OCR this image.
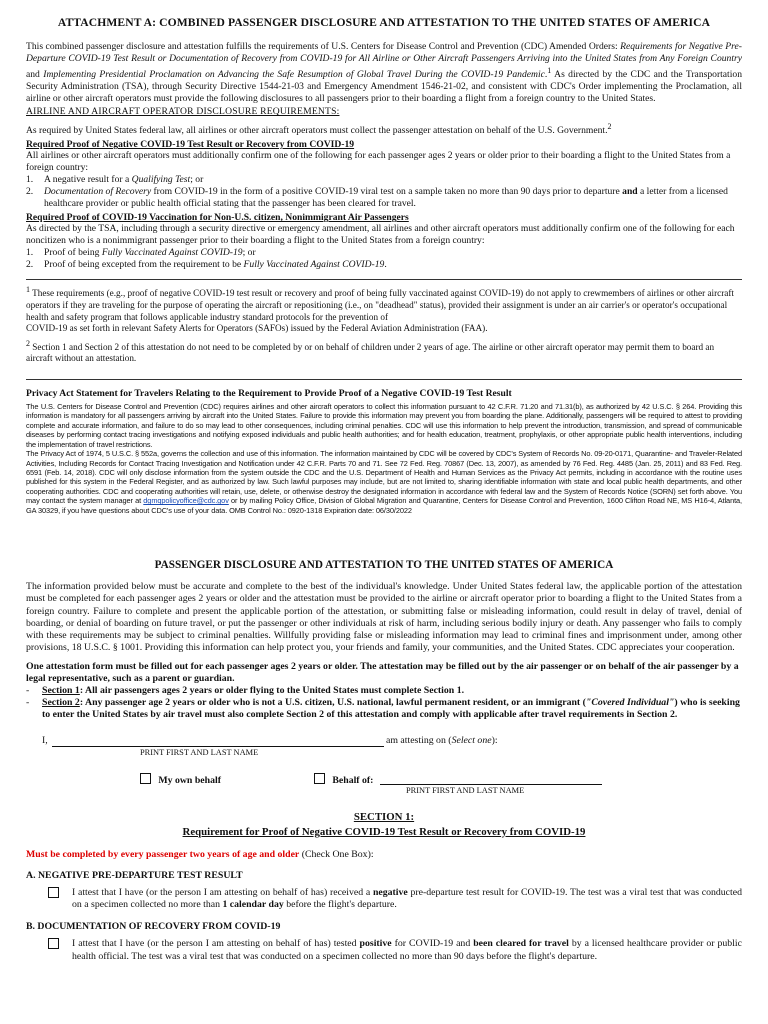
ATTACHMENT A: COMBINED PASSENGER DISCLOSURE AND ATTESTATION TO THE UNITED STATES OF AMERICA

This combined passenger disclosure and attestation fulfills the requirements of U.S. Centers for Disease Control and Prevention (CDC) Amended Orders: Requirements for Negative Pre-Departure COVID-19 Test Result or Documentation of Recovery from COVID-19 for All Airline or Other Aircraft Passengers Arriving into the United States from Any Foreign Country and Implementing Presidential Proclamation on Advancing the Safe Resumption of Global Travel During the COVID-19 Pandemic.$^1$ As directed by the CDC and the Transportation Security Administration (TSA), through Security Directive 1544-21-03 and Emergency Amendment 1546-21-02, and consistent with CDC's Order implementing the Proclamation, all airline or other aircraft operators must provide the following disclosures to all passengers prior to their boarding a flight from a foreign country to the United States.

AIRLINE AND AIRCRAFT OPERATOR DISCLOSURE REQUIREMENTS:

As required by United States federal law, all airlines or other aircraft operators must collect the passenger attestation on behalf of the U.S. Government.$^2$

Required Proof of Negative COVID-19 Test Result or Recovery from COVID-19

All airlines or other aircraft operators must additionally confirm one of the following for each passenger ages 2 years or older prior to their boarding a flight to the United States from a foreign country:

1.	A negative result for a Qualifying Test; or
2.	Documentation of Recovery from COVID-19 in the form of a positive COVID-19 viral test on a sample taken no more than 90 days prior to departure and a letter from a licensed healthcare provider or public health official stating that the passenger has been cleared for travel.
Required Proof of COVID-19 Vaccination for Non-U.S. citizen, Nonimmigrant Air Passengers

As directed by the TSA, including through a security directive or emergency amendment, all airlines and other aircraft operators must additionally confirm one of the following for each noncitizen who is a nonimmigrant passenger prior to their boarding a flight to the United States from a foreign country:

1.	Proof of being Fully Vaccinated Against COVID-19; or
2.	Proof of being excepted from the requirement to be Fully Vaccinated Against COVID-19.

$^1$ These requirements (e.g., proof of negative COVID-19 test result or recovery and proof of being fully vaccinated against COVID-19) do not apply to crewmembers of airlines or other aircraft operators if they are traveling for the purpose of operating the aircraft or repositioning (i.e., on "deadhead" status), provided their assignment is under an air carrier's or operator's occupational health and safety program that follows applicable industry standard protocols for the prevention of
COVID-19 as set forth in relevant Safety Alerts for Operators (SAFOs) issued by the Federal Aviation Administration (FAA).

$^2$ Section 1 and Section 2 of this attestation do not need to be completed by or on behalf of children under 2 years of age. The airline or other aircraft operator may permit them to board an aircraft without an attestation.

Privacy Act Statement for Travelers Relating to the Requirement to Provide Proof of a Negative COVID-19 Test Result

The U.S. Centers for Disease Control and Prevention (CDC) requires airlines and other aircraft operators to collect this information pursuant to 42 C.F.R. 71.20 and 71.31(b), as authorized by 42 U.S.C. § 264. Providing this information is mandatory for all passengers arriving by aircraft into the United States. Failure to provide this information may prevent you from boarding the plane. Additionally, passengers will be required to attest to providing complete and accurate information, and failure to do so may lead to other consequences, including criminal penalties. CDC will use this information to help prevent the introduction, transmission, and spread of communicable diseases by performing contact tracing investigations and notifying exposed individuals and public health authorities; and for health education, treatment, prophylaxis, or other appropriate public health interventions, including the implementation of travel restrictions.

The Privacy Act of 1974, 5 U.S.C. § 552a, governs the collection and use of this information. The information maintained by CDC will be covered by CDC's System of Records No. 09-20-0171, Quarantine- and Traveler-Related Activities, Including Records for Contact Tracing Investigation and Notification under 42 C.F.R. Parts 70 and 71. See 72 Fed. Reg. 70867 (Dec. 13, 2007), as amended by 76 Fed. Reg. 4485 (Jan. 25, 2011) and 83 Fed. Reg. 6591 (Feb. 14, 2018). CDC will only disclose information from the system outside the CDC and the U.S. Department of Health and Human Services as the Privacy Act permits, including in accordance with the routine uses published for this system in the Federal Register, and as authorized by law. Such lawful purposes may include, but are not limited to, sharing identifiable information with state and local public health departments, and other cooperating authorities. CDC and cooperating authorities will retain, use, delete, or otherwise destroy the designated information in accordance with federal law and the System of Records Notice (SORN) set forth above. You may contact the system manager at dgmqpolicyoffice@cdc.gov or by mailing Policy Office, Division of Global Migration and Quarantine, Centers for Disease Control and Prevention, 1600 Clifton Road NE, MS H16-4, Atlanta, GA 30329, if you have questions about CDC's use of your data. OMB Control No.: 0920-1318 Expiration date: 06/30/2022

PASSENGER DISCLOSURE AND ATTESTATION TO THE UNITED STATES OF AMERICA

The information provided below must be accurate and complete to the best of the individual's knowledge. Under United States federal law, the applicable portion of the attestation must be completed for each passenger ages 2 years or older and the attestation must be provided to the airline or aircraft operator prior to boarding a flight to the United States from a foreign country. Failure to complete and present the applicable portion of the attestation, or submitting false or misleading information, could result in delay of travel, denial of boarding, or denial of boarding on future travel, or put the passenger or other individuals at risk of harm, including serious bodily injury or death. Any passenger who fails to comply with these requirements may be subject to criminal penalties. Willfully providing false or misleading information may lead to criminal fines and imprisonment under, among other provisions, 18 U.S.C. § 1001. Providing this information can help protect you, your friends and family, your communities, and the United States. CDC appreciates your cooperation.

One attestation form must be filled out for each passenger ages 2 years or older. The attestation may be filled out by the air passenger or on behalf of the air passenger by a legal representative, such as a parent or guardian.

-	Section 1: All air passengers ages 2 years or older flying to the United States must complete Section 1.
-	Section 2: Any passenger age 2 years or older who is not a U.S. citizen, U.S. national, lawful permanent resident, or an immigrant ("Covered Individual") who is seeking to enter the United States by air travel must also complete Section 2 of this attestation and comply with applicable after travel requirements in Section 2.
I,	am attesting on (Select one):
PRINT FIRST AND LAST NAME
My own behalf	Behalf of:
PRINT FIRST AND LAST NAME
SECTION 1:
Requirement for Proof of Negative COVID-19 Test Result or Recovery from COVID-19
Must be completed by every passenger two years of age and older (Check One Box):
A. NEGATIVE PRE-DEPARTURE TEST RESULT
I attest that I have (or the person I am attesting on behalf of has) received a negative pre-departure test result for COVID-19. The test was a viral test that was conducted on a specimen collected no more than 1 calendar day before the flight's departure.
B. DOCUMENTATION OF RECOVERY FROM COVID-19
I attest that I have (or the person I am attesting on behalf of has) tested positive for COVID-19 and been cleared for travel by a licensed healthcare provider or public health official. The test was a viral test that was conducted on a specimen collected no more than 90 days before the flight's departure.
